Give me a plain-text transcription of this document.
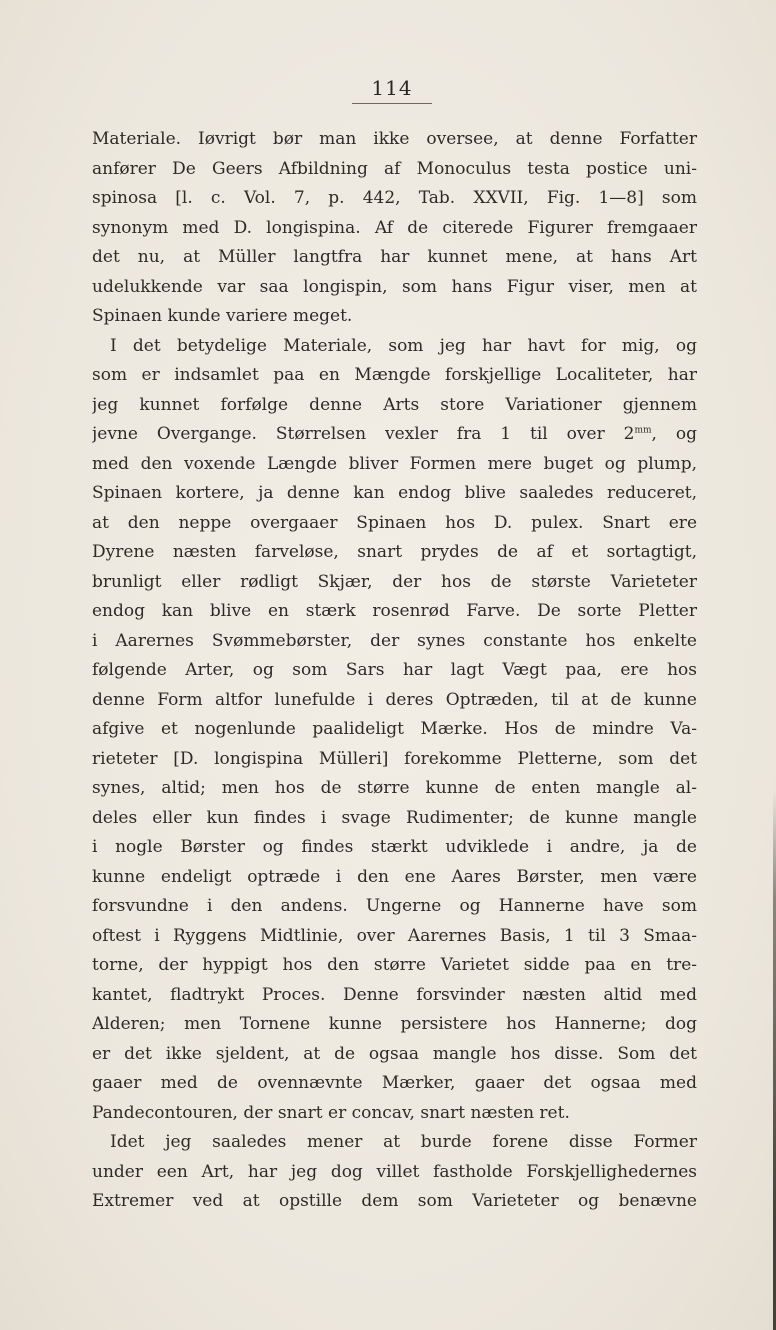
114
Materiale. Iøvrigt bør man ikke oversee, at denne Forfatter
anfører De Geers Afbildning af Monoculus testa postice uni-
spinosa [l. c. Vol. 7, p. 442, Tab. XXVII, Fig. 1—8] som
synonym med D. longispina. Af de citerede Figurer fremgaaer
det nu, at Müller langtfra har kunnet mene, at hans Art
udelukkende var saa longispin, som hans Figur viser, men at
Spinaen kunde variere meget.
I det betydelige Materiale, som jeg har havt for mig, og
som er indsamlet paa en Mængde forskjellige Localiteter, har
jeg kunnet forfølge denne Arts store Variationer gjennem
jevne Overgange. Størrelsen vexler fra 1 til over $2^{mm}$, og
med den voxende Længde bliver Formen mere buget og plump,
Spinaen kortere, ja denne kan endog blive saaledes reduceret,
at den neppe overgaaer Spinaen hos D. pulex. Snart ere
Dyrene næsten farveløse, snart prydes de af et sortagtigt,
brunligt eller rødligt Skjær, der hos de største Varieteter
endog kan blive en stærk rosenrød Farve. De sorte Pletter
i Aarernes Svømmebørster, der synes constante hos enkelte
følgende Arter, og som Sars har lagt Vægt paa, ere hos
denne Form altfor lunefulde i deres Optræden, til at de kunne
afgive et nogenlunde paalideligt Mærke. Hos de mindre Va-
rieteter [D. longispina Mülleri] forekomme Pletterne, som det
synes, altid; men hos de større kunne de enten mangle al-
deles eller kun findes i svage Rudimenter; de kunne mangle
i nogle Børster og findes stærkt udviklede i andre, ja de
kunne endeligt optræde i den ene Aares Børster, men være
forsvundne i den andens. Ungerne og Hannerne have som
oftest i Ryggens Midtlinie, over Aarernes Basis, 1 til 3 Smaa-
torne, der hyppigt hos den større Varietet sidde paa en tre-
kantet, fladtrykt Proces. Denne forsvinder næsten altid med
Alderen; men Tornene kunne persistere hos Hannerne; dog
er det ikke sjeldent, at de ogsaa mangle hos disse. Som det
gaaer med de ovennævnte Mærker, gaaer det ogsaa med
Pandecontouren, der snart er concav, snart næsten ret.
Idet jeg saaledes mener at burde forene disse Former
under een Art, har jeg dog villet fastholde Forskjellighedernes
Extremer ved at opstille dem som Varieteter og benævne
